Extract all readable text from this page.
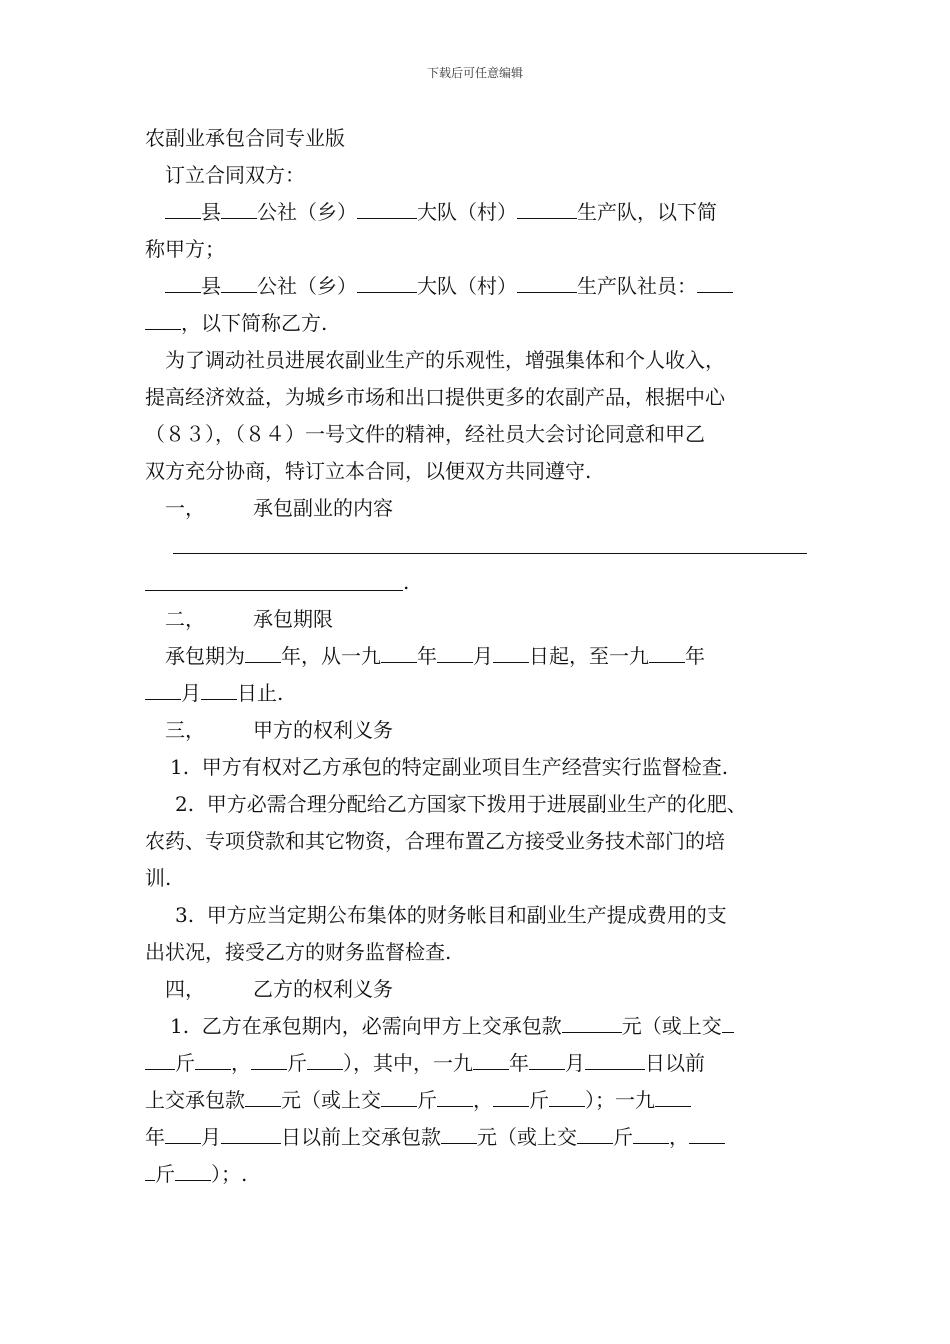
下载后可任意编辑
农副业承包合同专业版
订立合同双方：
县 公社（乡）	大队（村）	生产队，以下简
称甲方；
县 公社（乡）	大队（村）	生产队社员：
，以下简称乙方.
为了调动社员进展农副业生产的乐观性，增强集体和个人收入，
提高经济效益，为城乡市场和出口提供更多的农副产品，根据中心
（８３），（８４）一号文件的精神，经社员大会讨论同意和甲乙
双方充分协商，特订立本合同，以便双方共同遵守.
一， 承包副业的内容
.
二， 承包期限
承包期为 年，从一九 年 月 日起，至一九 年
月 日止.
三， 甲方的权利义务
1.  甲方有权对乙方承包的特定副业项目生产经营实行监督检查.
2.  甲方必需合理分配给乙方国家下拨用于进展副业生产的化肥、
农药、专项贷款和其它物资，合理布置乙方接受业务技术部门的培
训.
3.  甲方应当定期公布集体的财务帐目和副业生产提成费用的支
出状况，接受乙方的财务监督检查.
四， 乙方的权利义务
1.  乙方在承包期内，必需向甲方上交承包款	元（或上交
斤 ， 斤 ），其中，一九 年 月	日以前
上交承包款 元（或上交 斤 ， 斤 ）；一九
年 月	日以前上交承包款 元（或上交 斤 ，
斤 ）；.
